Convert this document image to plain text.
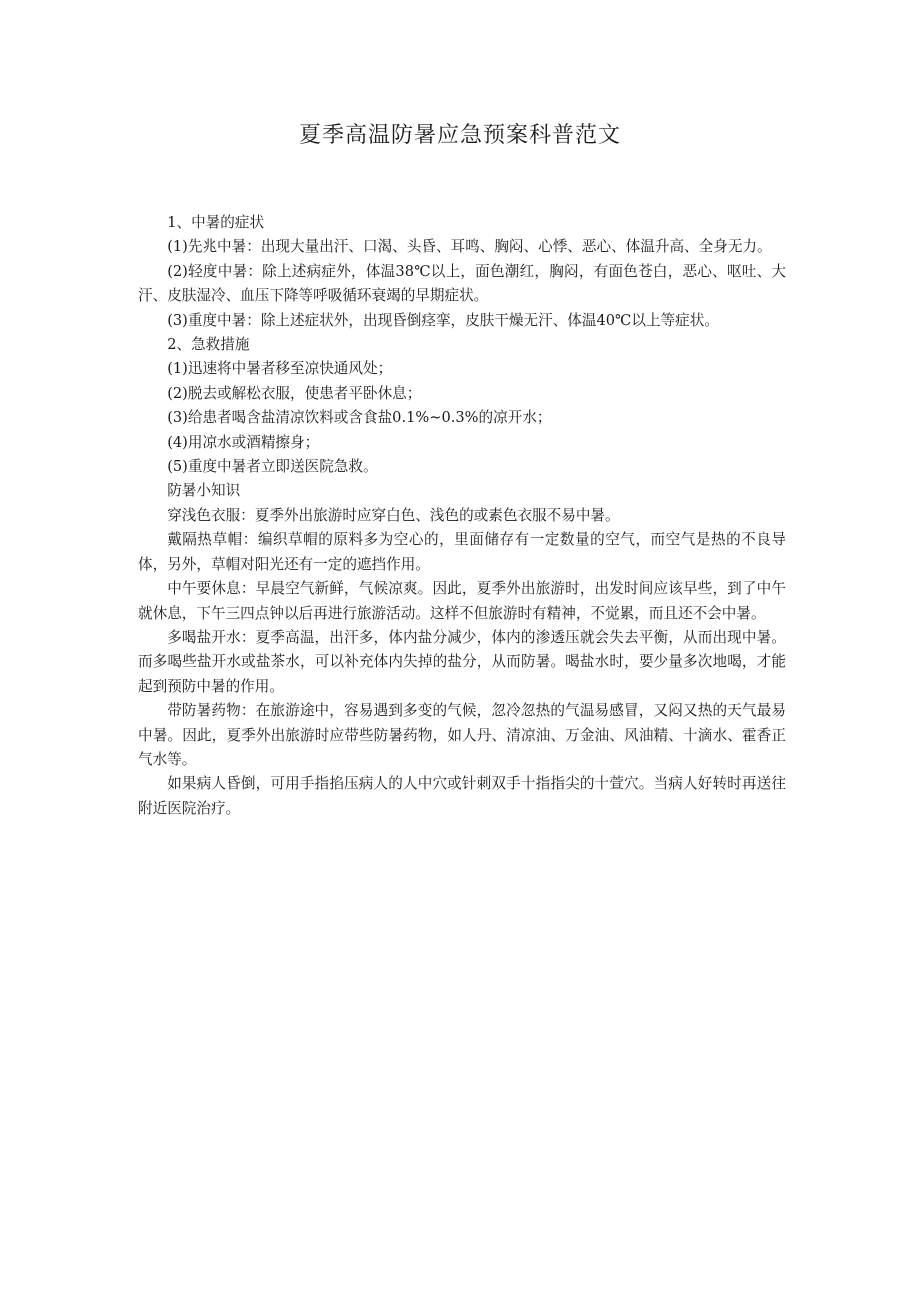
夏季高温防暑应急预案科普范文

1、中暑的症状

(1)先兆中暑：出现大量出汗、口渴、头昏、耳鸣、胸闷、心悸、恶心、体温升高、全身无力。

(2)轻度中暑：除上述病症外，体温38℃以上，面色潮红，胸闷，有面色苍白，恶心、呕吐、大汗、皮肤湿冷、血压下降等呼吸循环衰竭的早期症状。

(3)重度中暑：除上述症状外，出现昏倒痉挛，皮肤干燥无汗、体温40℃以上等症状。

2、急救措施

(1)迅速将中暑者移至凉快通风处；

(2)脱去或解松衣服，使患者平卧休息；

(3)给患者喝含盐清凉饮料或含食盐0.1%~0.3%的凉开水；

(4)用凉水或酒精擦身；

(5)重度中暑者立即送医院急救。

防暑小知识

穿浅色衣服：夏季外出旅游时应穿白色、浅色的或素色衣服不易中暑。

戴隔热草帽：编织草帽的原料多为空心的，里面储存有一定数量的空气，而空气是热的不良导体，另外，草帽对阳光还有一定的遮挡作用。

中午要休息：早晨空气新鲜，气候凉爽。因此，夏季外出旅游时，出发时间应该早些，到了中午就休息，下午三四点钟以后再进行旅游活动。这样不但旅游时有精神，不觉累，而且还不会中暑。

多喝盐开水：夏季高温，出汗多，体内盐分减少，体内的渗透压就会失去平衡，从而出现中暑。而多喝些盐开水或盐茶水，可以补充体内失掉的盐分，从而防暑。喝盐水时，要少量多次地喝，才能起到预防中暑的作用。

带防暑药物：在旅游途中，容易遇到多变的气候，忽冷忽热的气温易感冒，又闷又热的天气最易中暑。因此，夏季外出旅游时应带些防暑药物，如人丹、清凉油、万金油、风油精、十滴水、霍香正气水等。

如果病人昏倒，可用手指掐压病人的人中穴或针刺双手十指指尖的十萱穴。当病人好转时再送往附近医院治疗。
